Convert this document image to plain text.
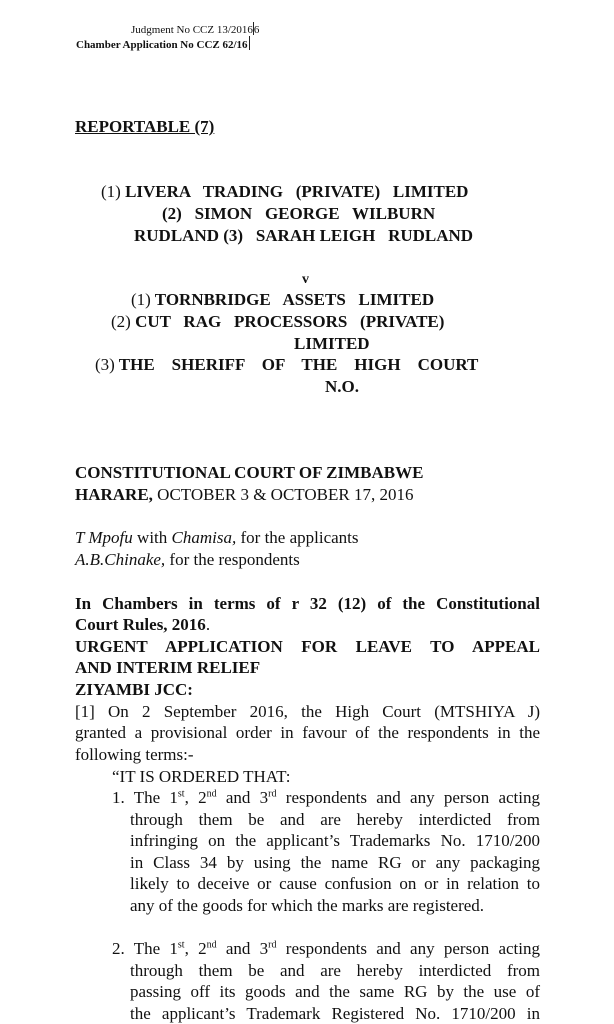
Judgment No CCZ 13/20166
Chamber Application No CCZ 62/16
REPORTABLE (7)
(1) LIVERA   TRADING   (PRIVATE)   LIMITED
(2)   SIMON   GEORGE   WILBURN
RUDLAND (3)   SARAH LEIGH   RUDLAND
v
(1) TORNBRIDGE   ASSETS   LIMITED
(2) CUT   RAG   PROCESSORS   (PRIVATE)
LIMITED
(3) THE    SHERIFF    OF    THE    HIGH    COURT
N.O.
CONSTITUTIONAL COURT OF ZIMBABWE
HARARE, OCTOBER 3 & OCTOBER 17, 2016
T Mpofu with Chamisa, for the applicants
A.B.Chinake, for the respondents
In Chambers in terms of r 32 (12) of the Constitutional
Court Rules, 2016.
URGENT APPLICATION FOR LEAVE TO APPEAL
AND INTERIM RELIEF
ZIYAMBI JCC:
[1] On 2 September 2016, the High Court (MTSHIYA J)
granted a provisional order in favour of the respondents in the
following terms:-
“IT IS ORDERED THAT:
1. The 1st, 2nd and 3rd respondents and any person acting
through them be and are hereby interdicted from
infringing on the applicant’s Trademarks No. 1710/200
in Class 34 by using the name RG or any packaging
likely to deceive or cause confusion on or in relation to
any of the goods for which the marks are registered.
2. The 1st, 2nd and 3rd respondents and any person acting
through them be and are hereby interdicted from
passing off its goods and the same RG by the use of
the applicant’s Trademark Registered No. 1710/200 in
